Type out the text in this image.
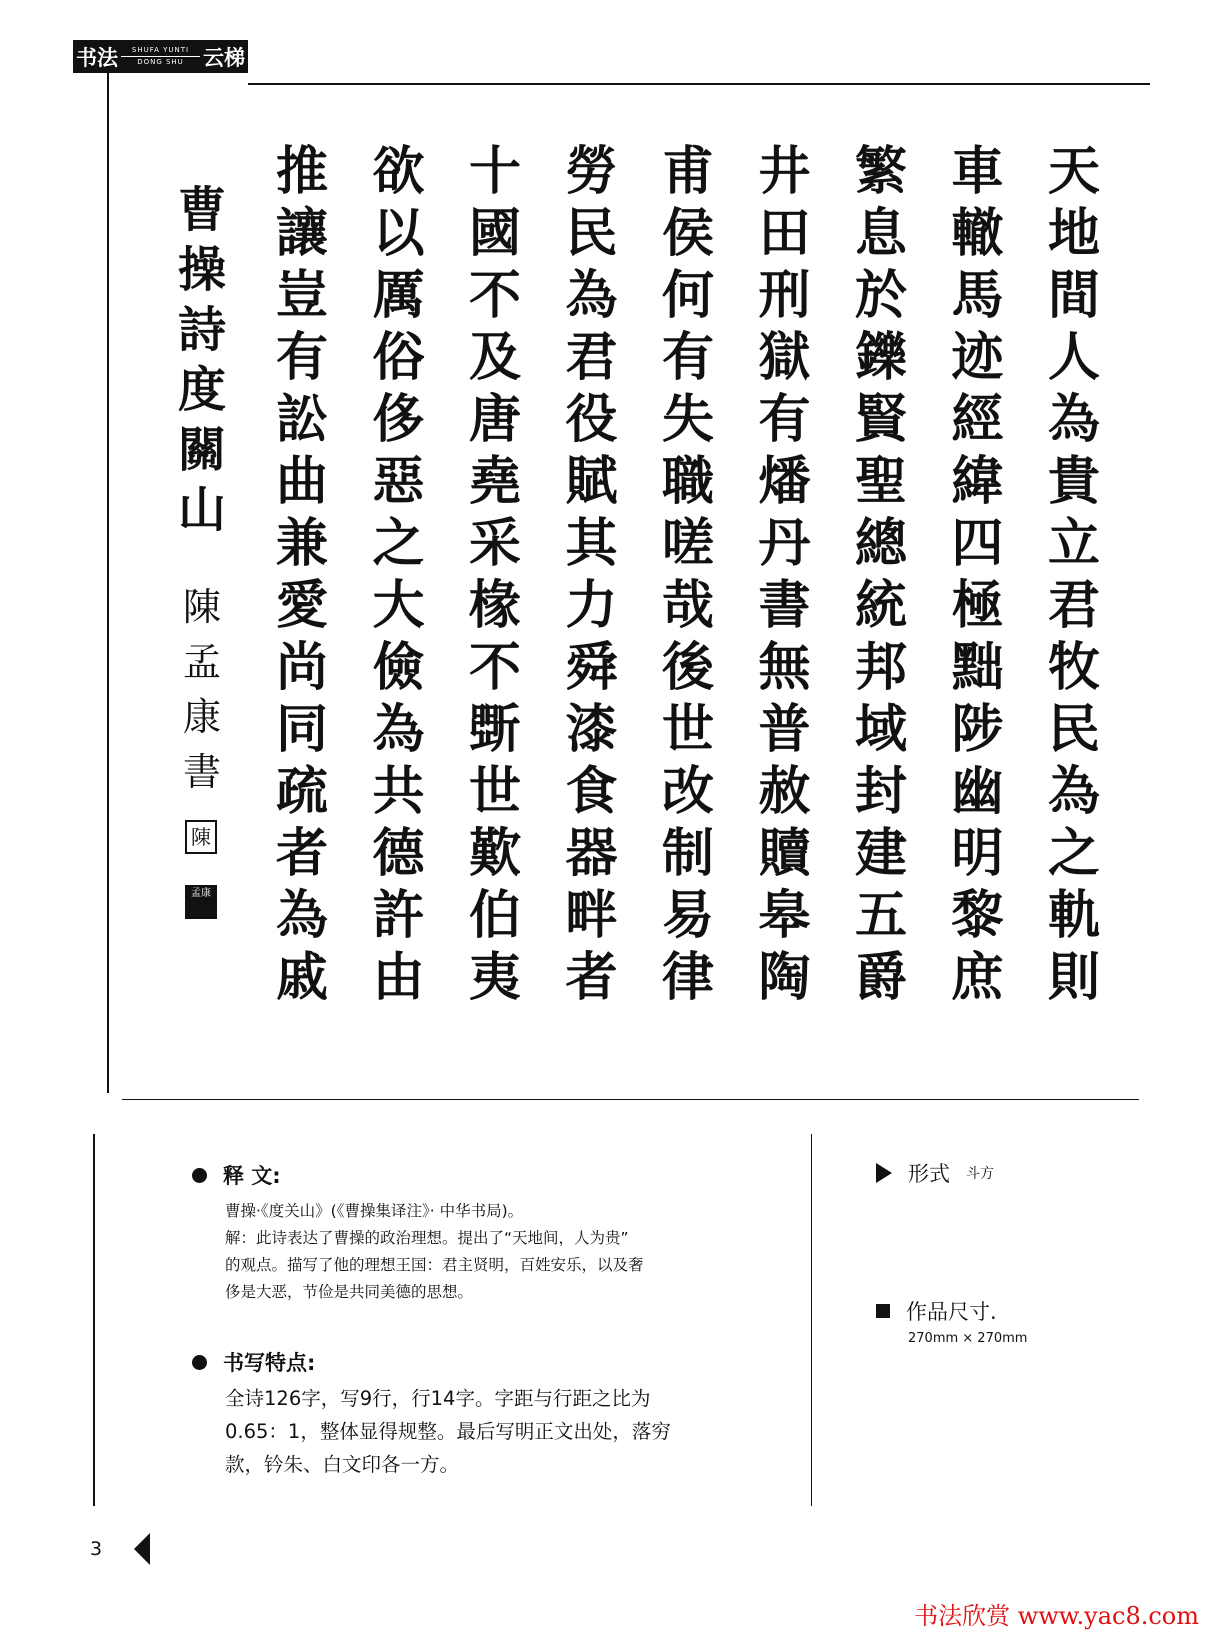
书法	SHUFA YUNTI
DONG SHU 云梯
天
地
間
人
為
貴
立
君
牧
民
為
之
軌
則
車
轍
馬
迹
經
緯
四
極
黜
陟
幽
明
黎
庶
繁
息
於
鑠
賢
聖
總
統
邦
域
封
建
五
爵
井
田
刑
獄
有
燔
丹
書
無
普
赦
贖
皋
陶
甫
侯
何
有
失
職
嗟
哉
後
世
改
制
易
律
勞
民
為
君
役
賦
其
力
舜
漆
食
器
畔
者
十
國
不
及
唐
堯
采
椽
不
斲
世
歎
伯
夷
欲
以
厲
俗
侈
惡
之
大
儉
為
共
德
許
由
推
讓
豈
有
訟
曲
兼
愛
尚
同
疏
者
為
戚
曹
操
詩
度
關
山
陳
孟
康
書
陳
孟康
释 文:
曹操·《度关山》(《曹操集译注》· 中华书局)。
解：此诗表达了曹操的政治理想。提出了“天地间，人为贵”
的观点。描写了他的理想王国：君主贤明，百姓安乐，以及奢
侈是大恶，节俭是共同美德的思想。
书写特点:
全诗126字，写9行，行14字。字距与行距之比为
0.65：1，整体显得规整。最后写明正文出处，落穷
款，钤朱、白文印各一方。
形式 斗方
作品尺寸.
270mm × 270mm
3
书法欣赏 www.yac8.com
